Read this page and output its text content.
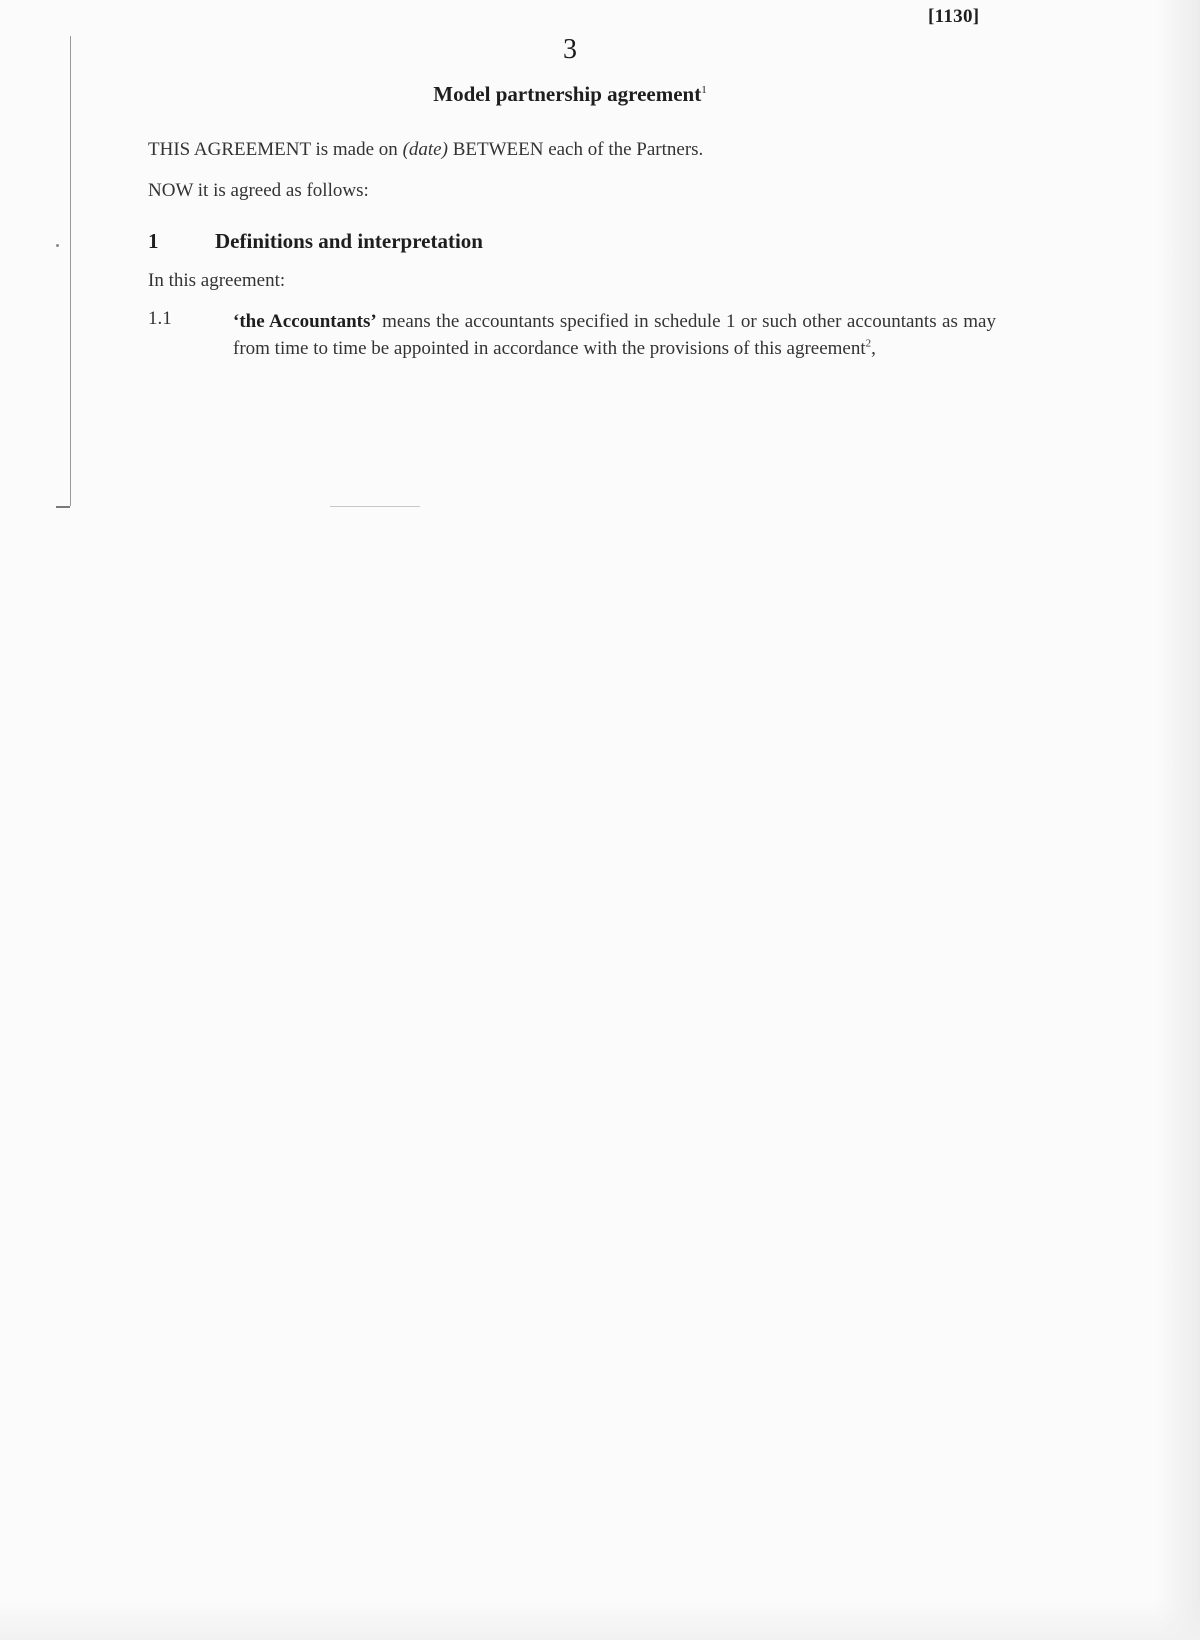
[1130]
3
Model partnership agreement$^1$
THIS AGREEMENT is made on (date) BETWEEN each of the Partners.
NOW it is agreed as follows:
1	Definitions and interpretation
In this agreement:
1.1	‘the Accountants’ means the accountants specified in schedule 1 or such other accountants as may from time to time be appointed in accordance with the provisions of this agreement$^2$,
